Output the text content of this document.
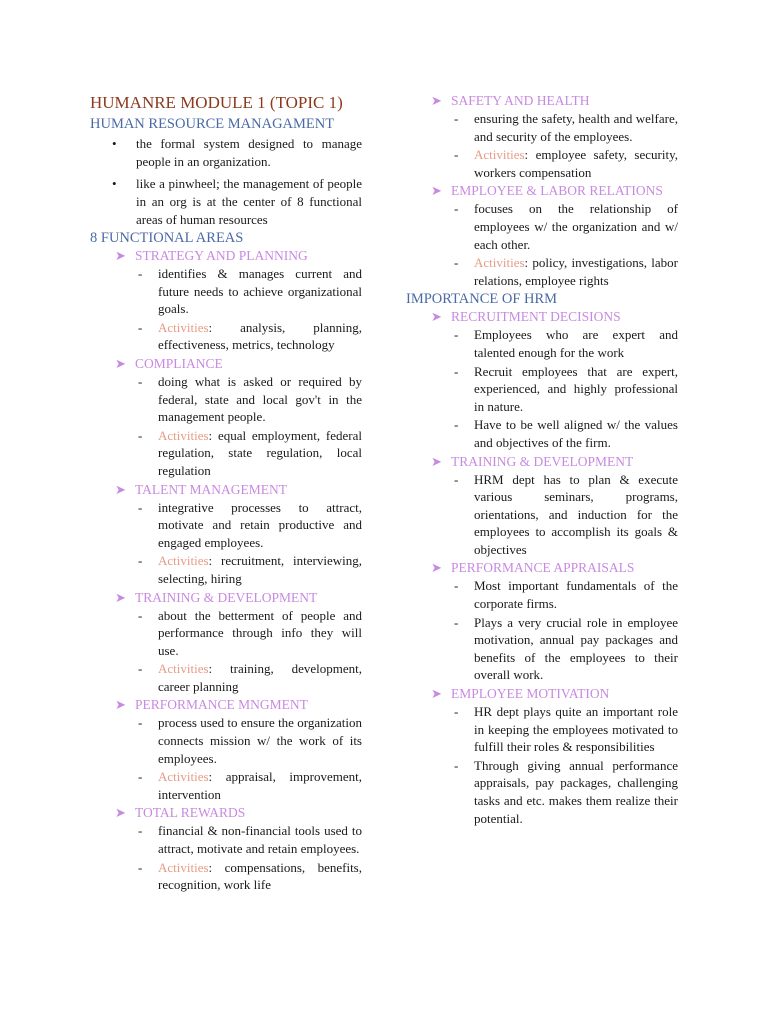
HUMANRE MODULE 1 (TOPIC 1)
HUMAN RESOURCE MANAGAMENT
• the formal system designed to manage people in an organization.
• like a pinwheel; the management of people in an org is at the center of 8 functional areas of human resources
8 FUNCTIONAL AREAS
➤ STRATEGY AND PLANNING
- identifies & manages current and future needs to achieve organizational goals.
- Activities: analysis, planning, effectiveness, metrics, technology
➤ COMPLIANCE
- doing what is asked or required by federal, state and local gov't in the management people.
- Activities: equal employment, federal regulation, state regulation, local regulation
➤ TALENT MANAGEMENT
- integrative processes to attract, motivate and retain productive and engaged employees.
- Activities: recruitment, interviewing, selecting, hiring
➤ TRAINING & DEVELOPMENT
- about the betterment of people and performance through info they will use.
- Activities: training, development, career planning
➤ PERFORMANCE MNGMENT
- process used to ensure the organization connects mission w/ the work of its employees.
- Activities: appraisal, improvement, intervention
➤ TOTAL REWARDS
- financial & non-financial tools used to attract, motivate and retain employees.
- Activities: compensations, benefits, recognition, work life
➤ SAFETY AND HEALTH
- ensuring the safety, health and welfare, and security of the employees.
- Activities: employee safety, security, workers compensation
➤ EMPLOYEE & LABOR RELATIONS
- focuses on the relationship of employees w/ the organization and w/ each other.
- Activities: policy, investigations, labor relations, employee rights
IMPORTANCE OF HRM
➤ RECRUITMENT DECISIONS
- Employees who are expert and talented enough for the work
- Recruit employees that are expert, experienced, and highly professional in nature.
- Have to be well aligned w/ the values and objectives of the firm.
➤ TRAINING & DEVELOPMENT
- HRM dept has to plan & execute various seminars, programs, orientations, and induction for the employees to accomplish its goals & objectives
➤ PERFORMANCE APPRAISALS
- Most important fundamentals of the corporate firms.
- Plays a very crucial role in employee motivation, annual pay packages and benefits of the employees to their overall work.
➤ EMPLOYEE MOTIVATION
- HR dept plays quite an important role in keeping the employees motivated to fulfill their roles & responsibilities
- Through giving annual performance appraisals, pay packages, challenging tasks and etc. makes them realize their potential.
